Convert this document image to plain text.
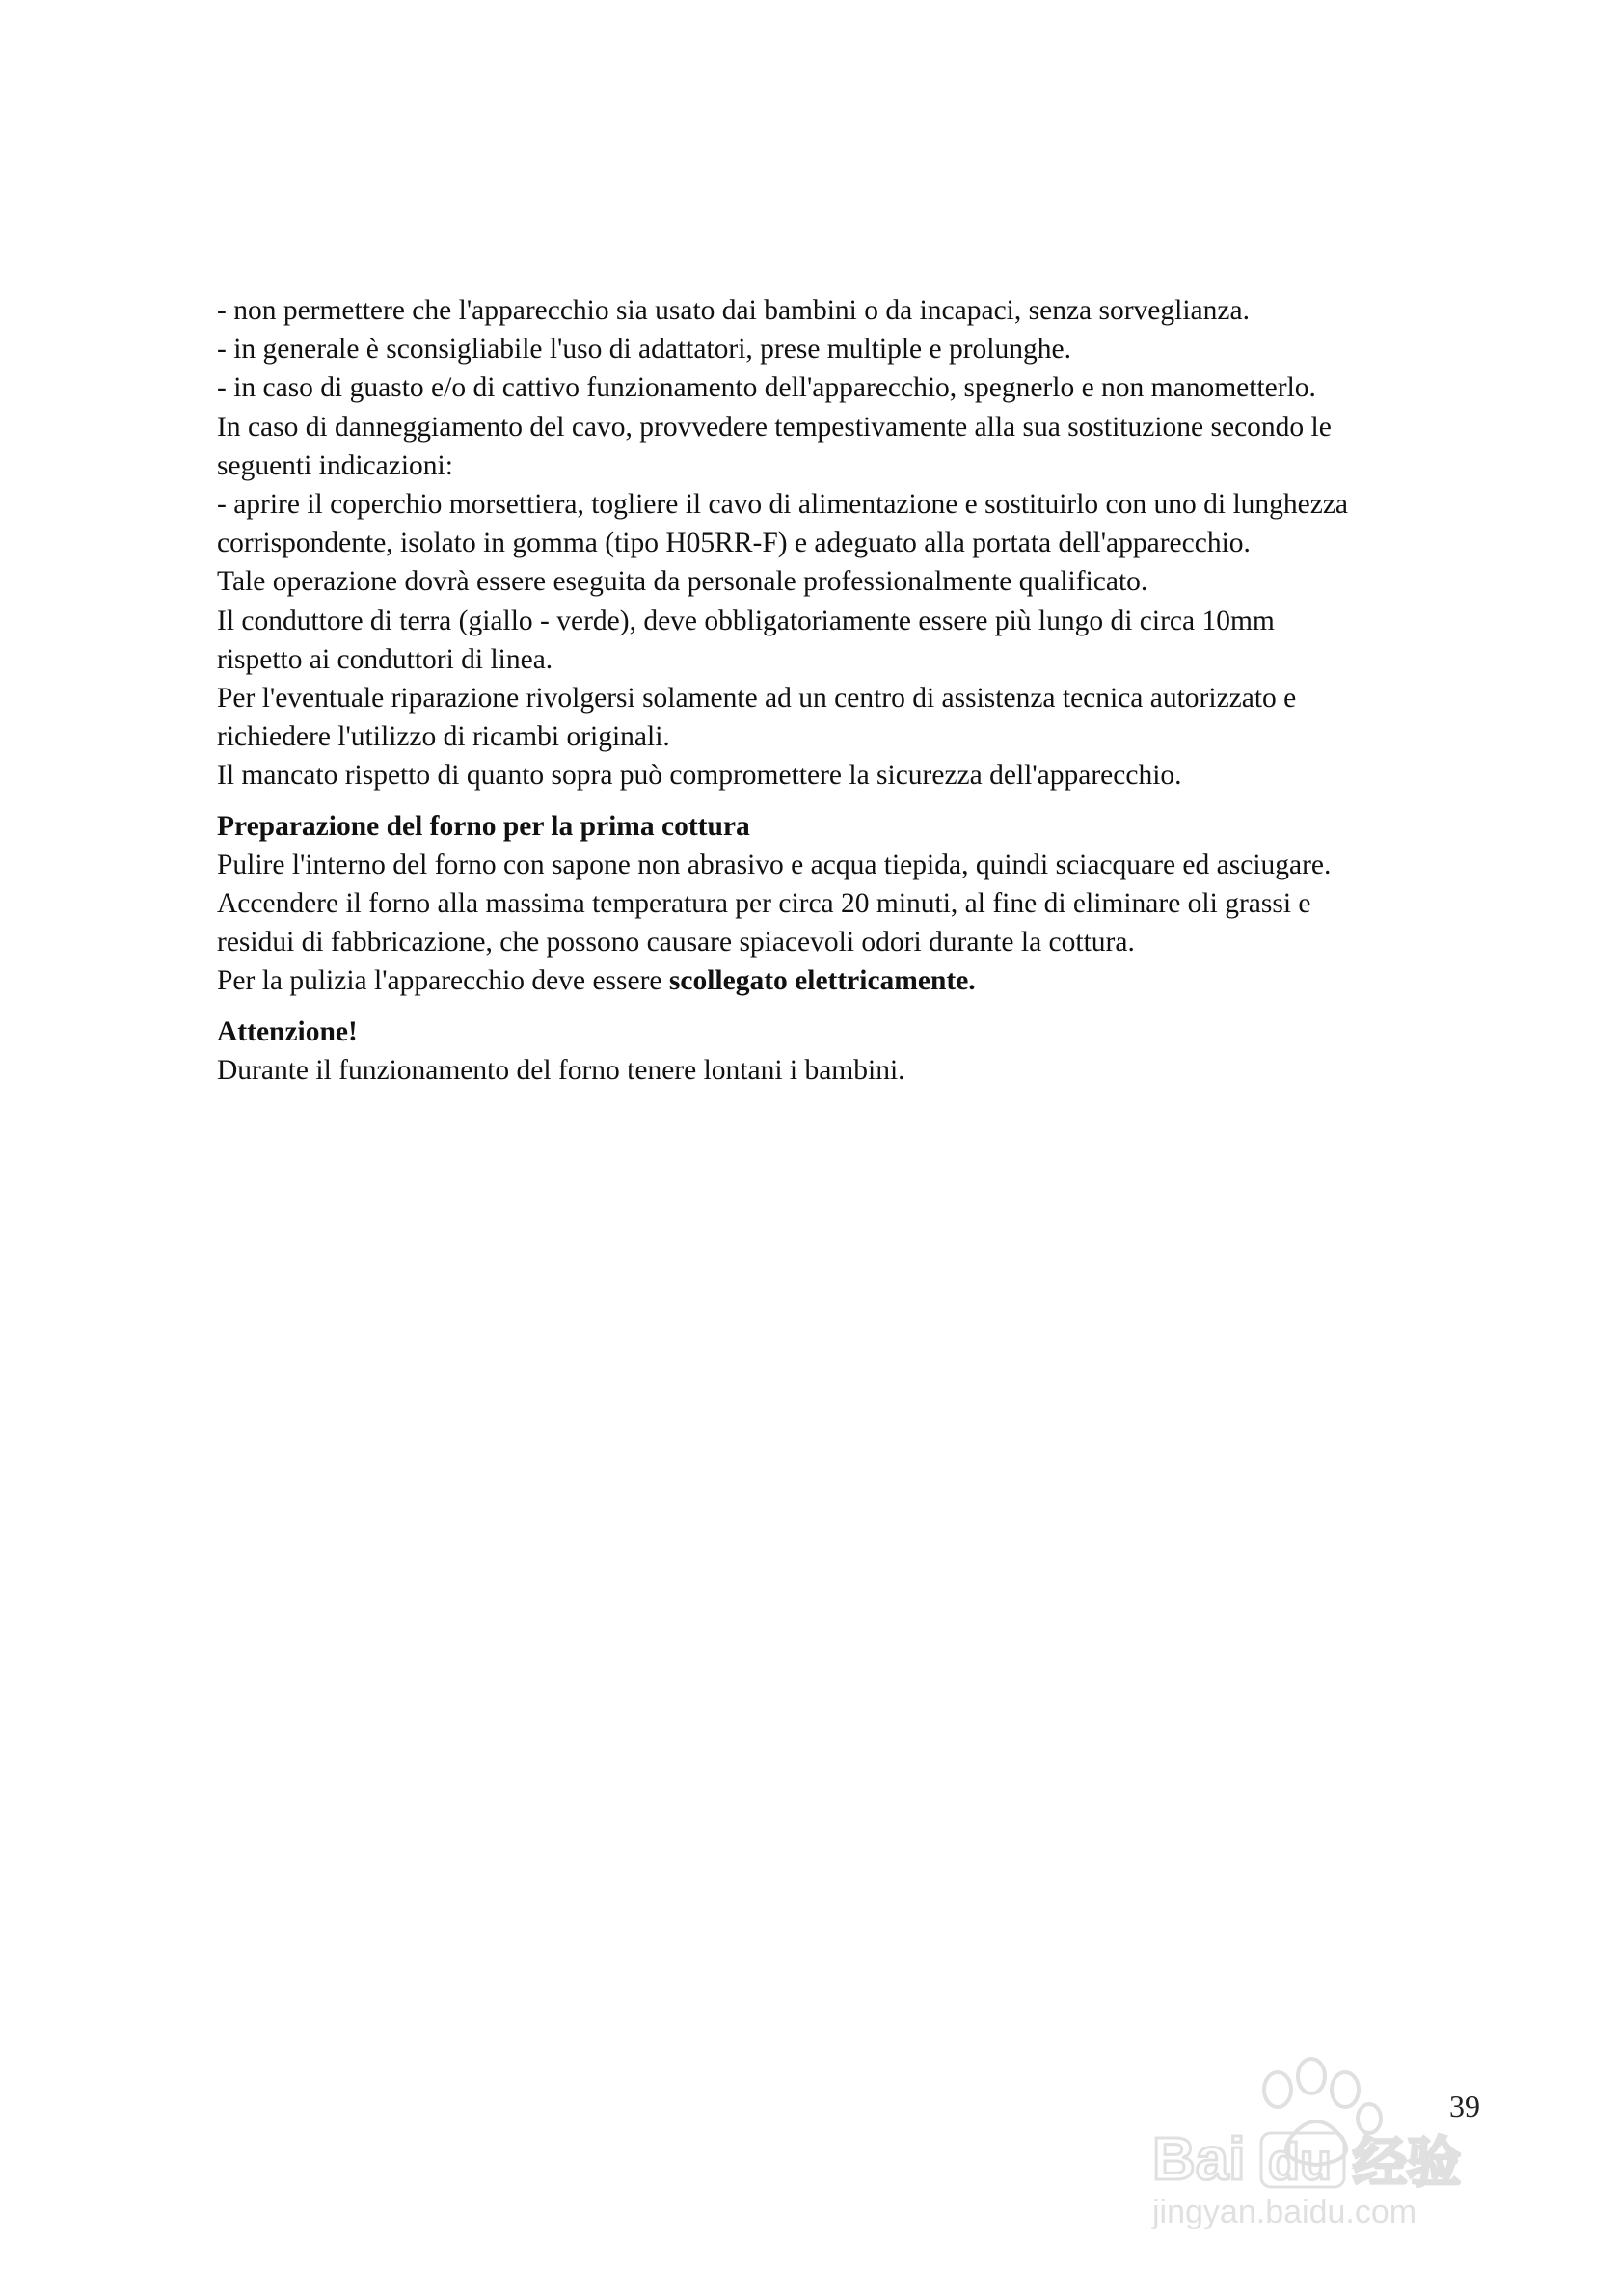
- non permettere che l'apparecchio sia usato dai bambini o da incapaci, senza sorveglianza.
- in generale è sconsigliabile l'uso di adattatori, prese multiple e prolunghe.
- in caso di guasto e/o di cattivo funzionamento dell'apparecchio, spegnerlo e non manometterlo.
In caso di danneggiamento del cavo, provvedere tempestivamente alla sua sostituzione secondo le
seguenti indicazioni:
- aprire il coperchio morsettiera, togliere il cavo di alimentazione e sostituirlo con uno di lunghezza
corrispondente, isolato in gomma (tipo H05RR-F) e adeguato alla portata dell'apparecchio.
Tale operazione dovrà essere eseguita da personale professionalmente qualificato.
Il conduttore di terra (giallo - verde), deve obbligatoriamente essere più lungo di circa 10mm
rispetto ai conduttori di linea.
Per l'eventuale riparazione rivolgersi solamente ad un centro di assistenza tecnica autorizzato e
richiedere l'utilizzo di ricambi originali.
Il mancato rispetto di quanto sopra può compromettere la sicurezza dell'apparecchio.
Preparazione del forno per la prima cottura
Pulire l'interno del forno con sapone non abrasivo e acqua tiepida, quindi sciacquare ed asciugare.
Accendere il forno alla massima temperatura per circa 20 minuti, al fine di eliminare oli grassi e
residui di fabbricazione, che possono causare spiacevoli odori durante la cottura.
Per la pulizia l'apparecchio deve essere scollegato elettricamente.
Attenzione!
Durante il funzionamento del forno tenere lontani i bambini.
39
Bai du 经验
jingyan.baidu.com
